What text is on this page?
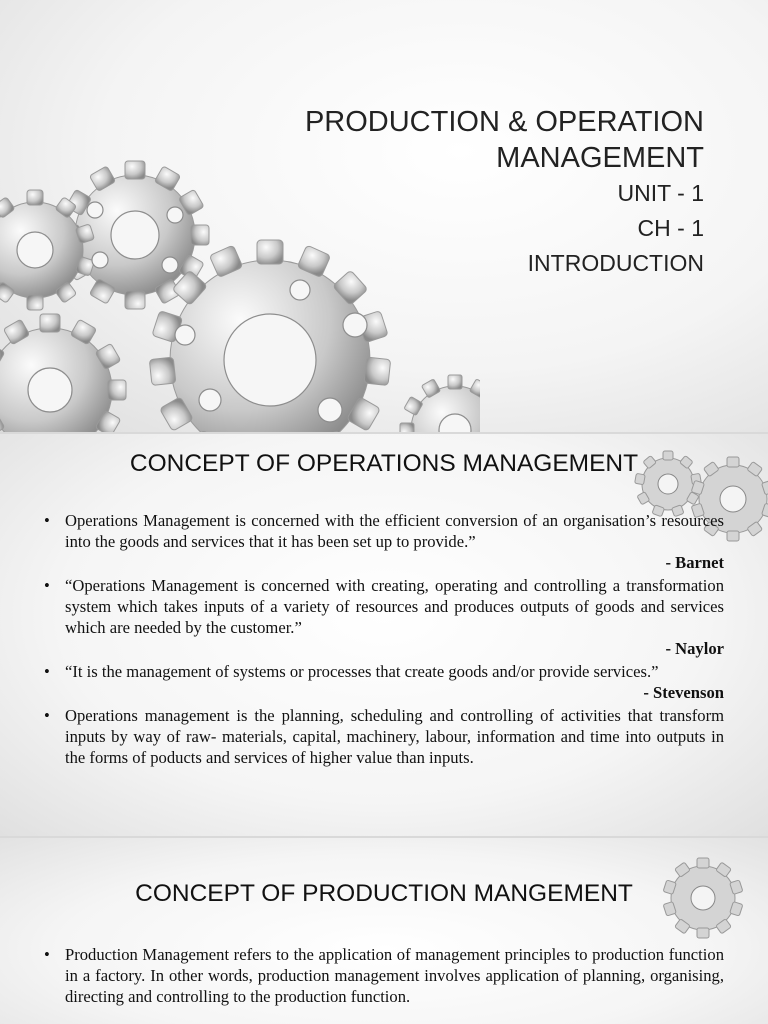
PRODUCTION & OPERATION
MANAGEMENT
UNIT - 1
CH - 1
INTRODUCTION
CONCEPT OF OPERATIONS MANAGEMENT
• Operations Management is concerned with the efficient conversion of an organisation’s resources into the goods and services that it has been set up to provide.”
- Barnet
• “Operations Management is concerned with creating, operating and controlling a transformation system which takes inputs of a variety of resources and produces outputs of goods and services which are needed by the customer.”
- Naylor
• “It is the management of systems or processes that create goods and/or provide services.”
- Stevenson
• Operations management is the planning, scheduling and controlling of activities that transform inputs by way of raw- materials, capital, machinery, labour, information and time into outputs in the forms of poducts and services of higher value than inputs.
CONCEPT OF PRODUCTION MANGEMENT
• Production Management refers to the application of management principles to production function in a factory. In other words, production management involves application of planning, organising, directing and controlling to the production function.
